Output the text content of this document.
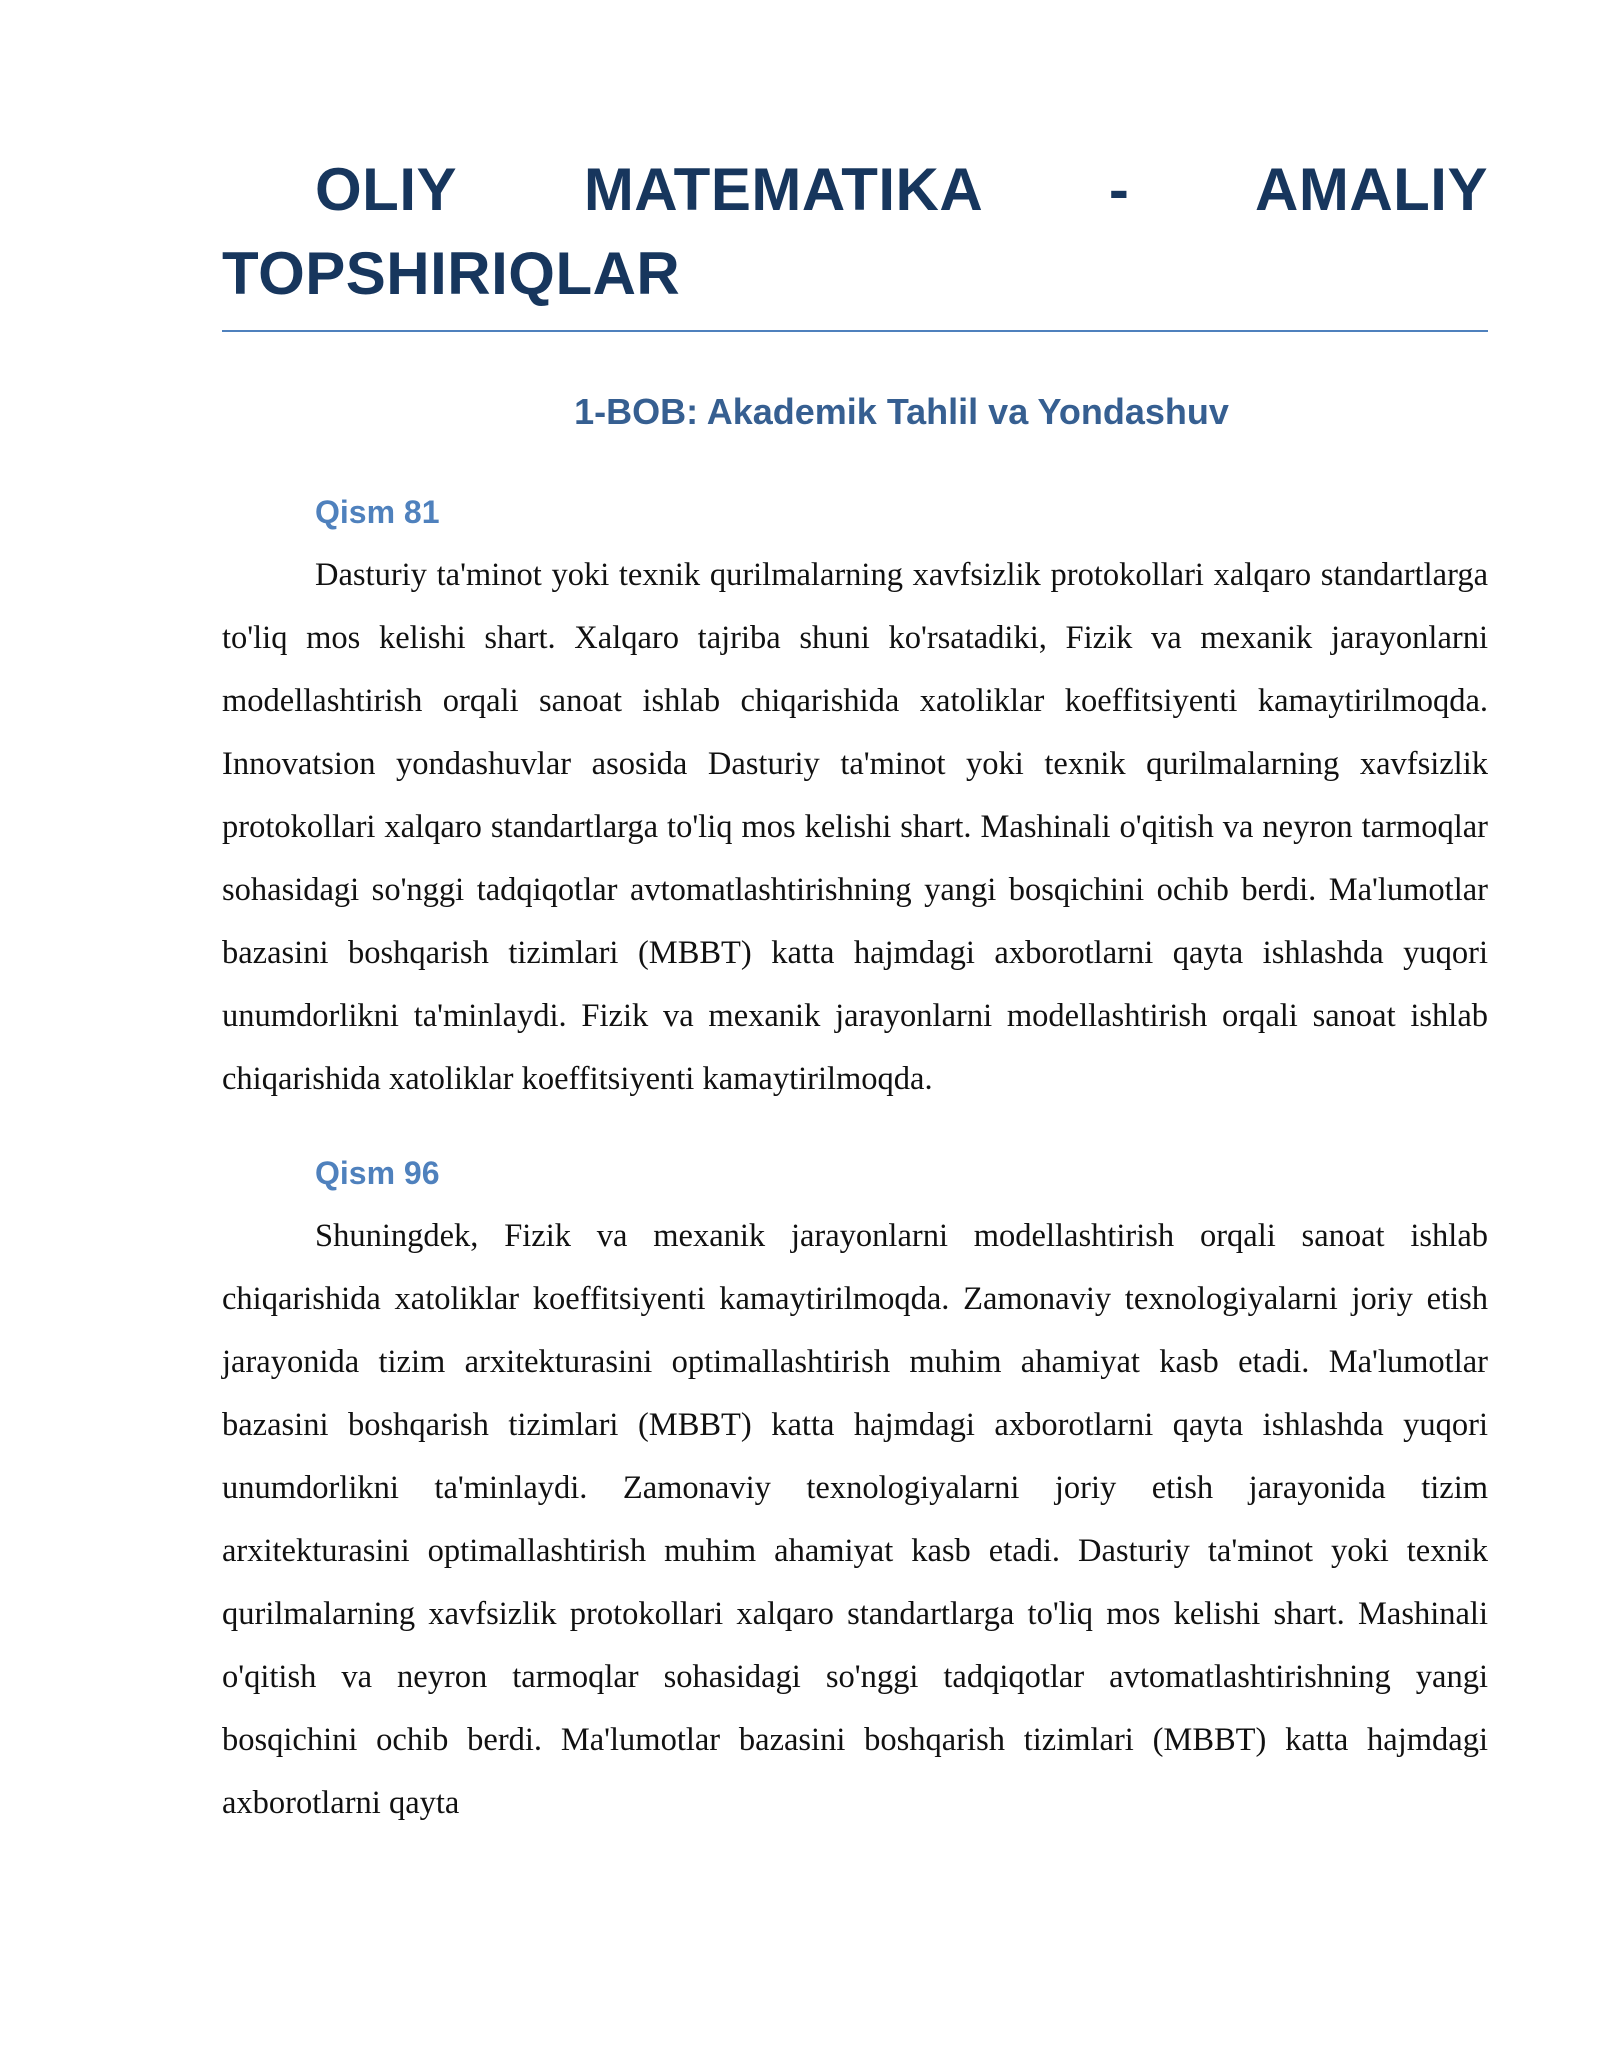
OLIY MATEMATIKA - AMALIY TOPSHIRIQLAR
1-BOB: Akademik Tahlil va Yondashuv
Qism 81

Dasturiy ta'minot yoki texnik qurilmalarning xavfsizlik protokollari xalqaro standartlarga to'liq mos kelishi shart. Xalqaro tajriba shuni ko'rsatadiki, Fizik va mexanik jarayonlarni modellashtirish orqali sanoat ishlab chiqarishida xatoliklar koeffitsiyenti kamaytirilmoqda. Innovatsion yondashuvlar asosida Dasturiy ta'minot yoki texnik qurilmalarning xavfsizlik protokollari xalqaro standartlarga to'liq mos kelishi shart. Mashinali o'qitish va neyron tarmoqlar sohasidagi so'nggi tadqiqotlar avtomatlashtirishning yangi bosqichini ochib berdi. Ma'lumotlar bazasini boshqarish tizimlari (MBBT) katta hajmdagi axborotlarni qayta ishlashda yuqori unumdorlikni ta'minlaydi. Fizik va mexanik jarayonlarni modellashtirish orqali sanoat ishlab chiqarishida xatoliklar koeffitsiyenti kamaytirilmoqda.

Qism 96

Shuningdek, Fizik va mexanik jarayonlarni modellashtirish orqali sanoat ishlab chiqarishida xatoliklar koeffitsiyenti kamaytirilmoqda. Zamonaviy texnologiyalarni joriy etish jarayonida tizim arxitekturasini optimallashtirish muhim ahamiyat kasb etadi. Ma'lumotlar bazasini boshqarish tizimlari (MBBT) katta hajmdagi axborotlarni qayta ishlashda yuqori unumdorlikni ta'minlaydi. Zamonaviy texnologiyalarni joriy etish jarayonida tizim arxitekturasini optimallashtirish muhim ahamiyat kasb etadi. Dasturiy ta'minot yoki texnik qurilmalarning xavfsizlik protokollari xalqaro standartlarga to'liq mos kelishi shart. Mashinali o'qitish va neyron tarmoqlar sohasidagi so'nggi tadqiqotlar avtomatlashtirishning yangi bosqichini ochib berdi. Ma'lumotlar bazasini boshqarish tizimlari (MBBT) katta hajmdagi axborotlarni qayta
